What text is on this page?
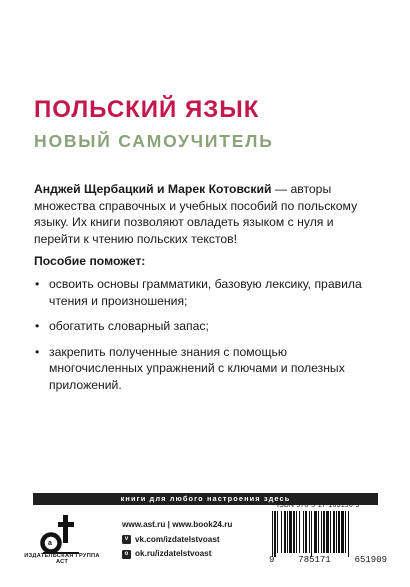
ПОЛЬСКИЙ ЯЗЫК
НОВЫЙ САМОУЧИТЕЛЬ
Анджей Щербацкий и Марек Котовский — авторы множества справочных и учебных пособий по польскому языку. Их книги позволяют овладеть языком с нуля и перейти к чтению польских текстов!
Пособие поможет:
• освоить основы грамматики, базовую лексику, правила чтения и произношения;
• обогатить словарный запас;
• закрепить полученные знания с помощью многочисленных упражнений с ключами и полезных приложений.
книги для любого настроения здесь
a
ИЗДАТЕЛЬСКАЯ ГРУППА АСТ
www.ast.ru | www.book24.ru
v vk.com/izdatelstvoast
o ok.ru/izdatelstvoast
ISBN 978-5-17-165190-9
9	785171	651909
